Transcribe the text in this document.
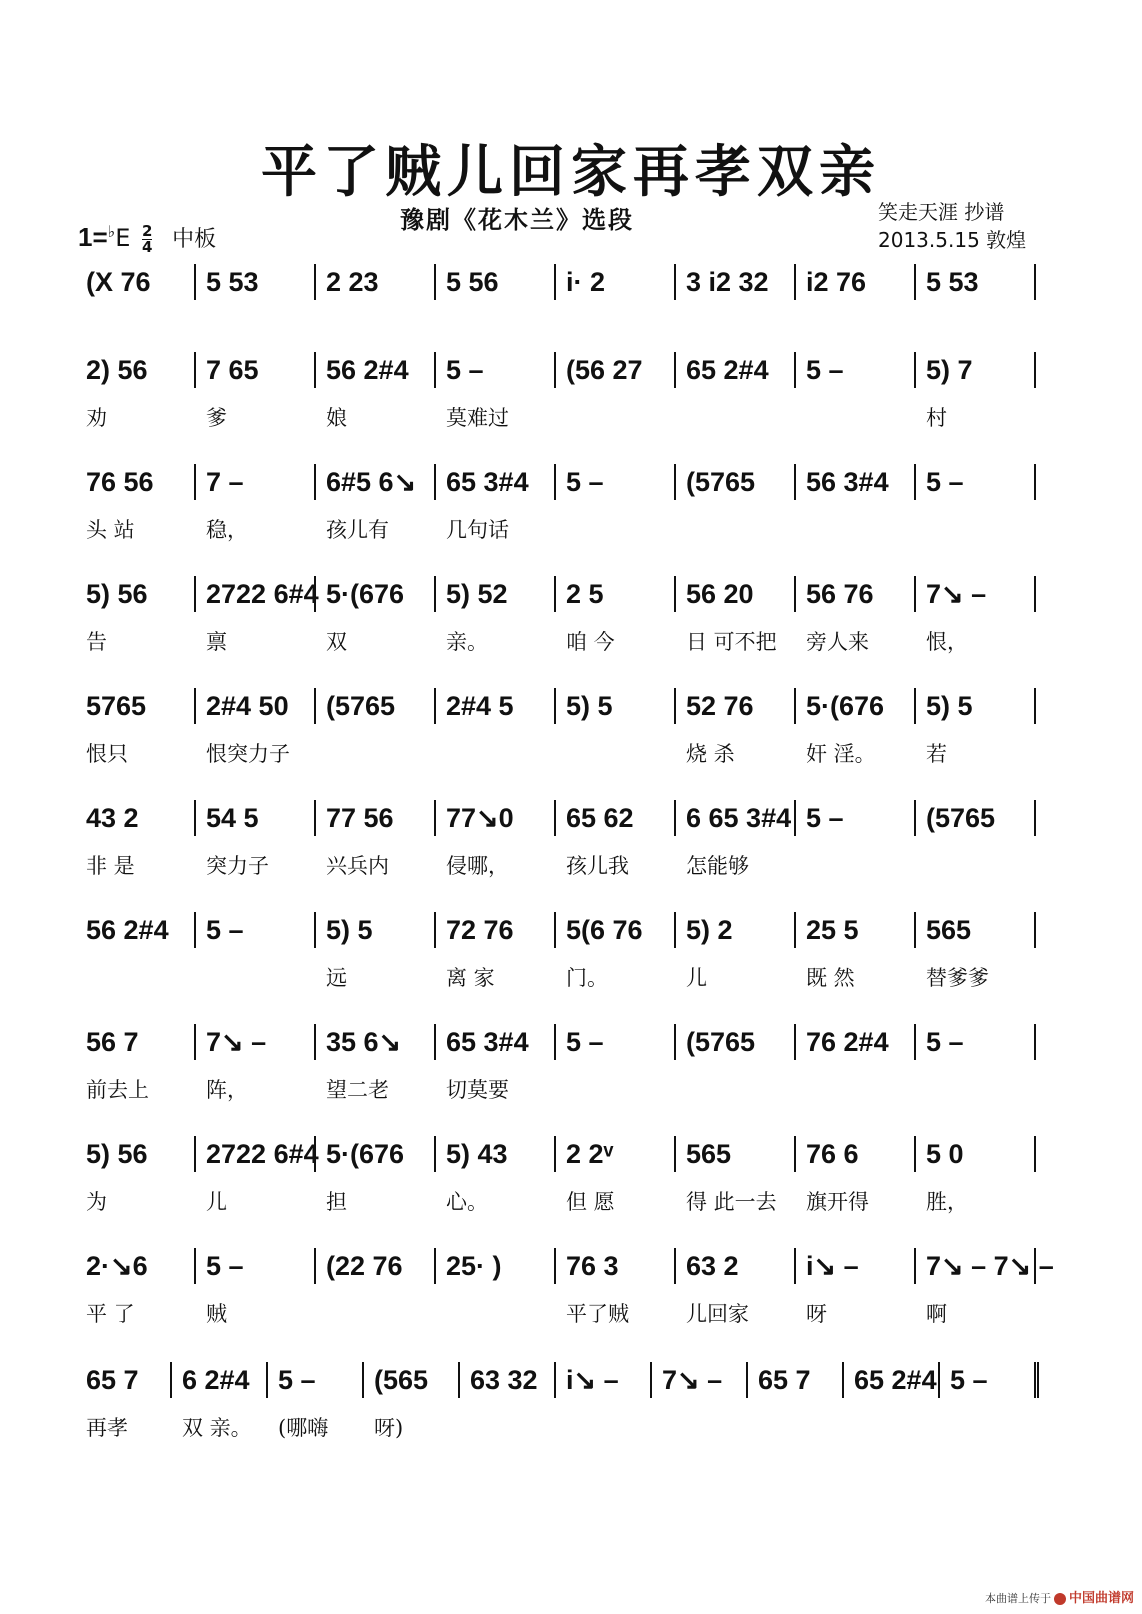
平了贼儿回家再孝双亲
豫剧《花木兰》选段	笑走天涯 抄谱
2013.5.15 敦煌
$1=^♭E \frac{2}{4}$ 中板
(X 76 5 53 2 23 5 56 i· 2	3 i2 32 i2 76 5 53
2) 56 7 65 56 2#4 5 –	(56 27 65 2#4 5 –	5) 7
劝	爹	娘	莫难过	村
76 56 7 –	6#5 6↘ 65 3#4 5 –	(5765 56 3#4 5 –
头 站	稳，	孩儿有	几句话
5) 56 2722 6#4 5·(676 5) 52 2 5	56 20 56 76 7↘ –
告	禀	双	亲。	咱 今	日 可不把 旁人来	恨，
5765 2#4 50 (5765 2#4 5 5) 5	52 76 5·(676 5) 5
恨只	恨突力子	烧 杀	奸 淫。 若
43 2 54 5 77 56 77↘0 65 62 6 65 3#4 5 –	(5765
非 是	突力子	兴兵内	侵哪，	孩儿我	怎能够
56 2#4 5 –	5) 5	72 76 5(6 76 5) 2	25 5 565
远	离 家	门。	儿	既 然	替爹爹
56 7 7↘ – 35 6↘ 65 3#4 5 –	(5765 76 2#4 5 –
前去上	阵，	望二老	切莫要
5) 56 2722 6#4 5·(676 5) 43 2 2ᵛ	565	76 6 5 0
为	儿	担	心。	但 愿	得 此一去 旗开得	胜，
2·↘6 5 –	(22 76 25· ) 76 3 63 2 i↘ – 7↘ – 7↘ –
平 了	贼	平了贼	儿回家	呀	啊
65 7 6 2#4 5 – (565 63 32 i↘ – 7↘ – 65 7 65 2#4 5 –
再孝	双 亲。 (哪嗨 呀)
本曲谱上传于 中国曲谱网
